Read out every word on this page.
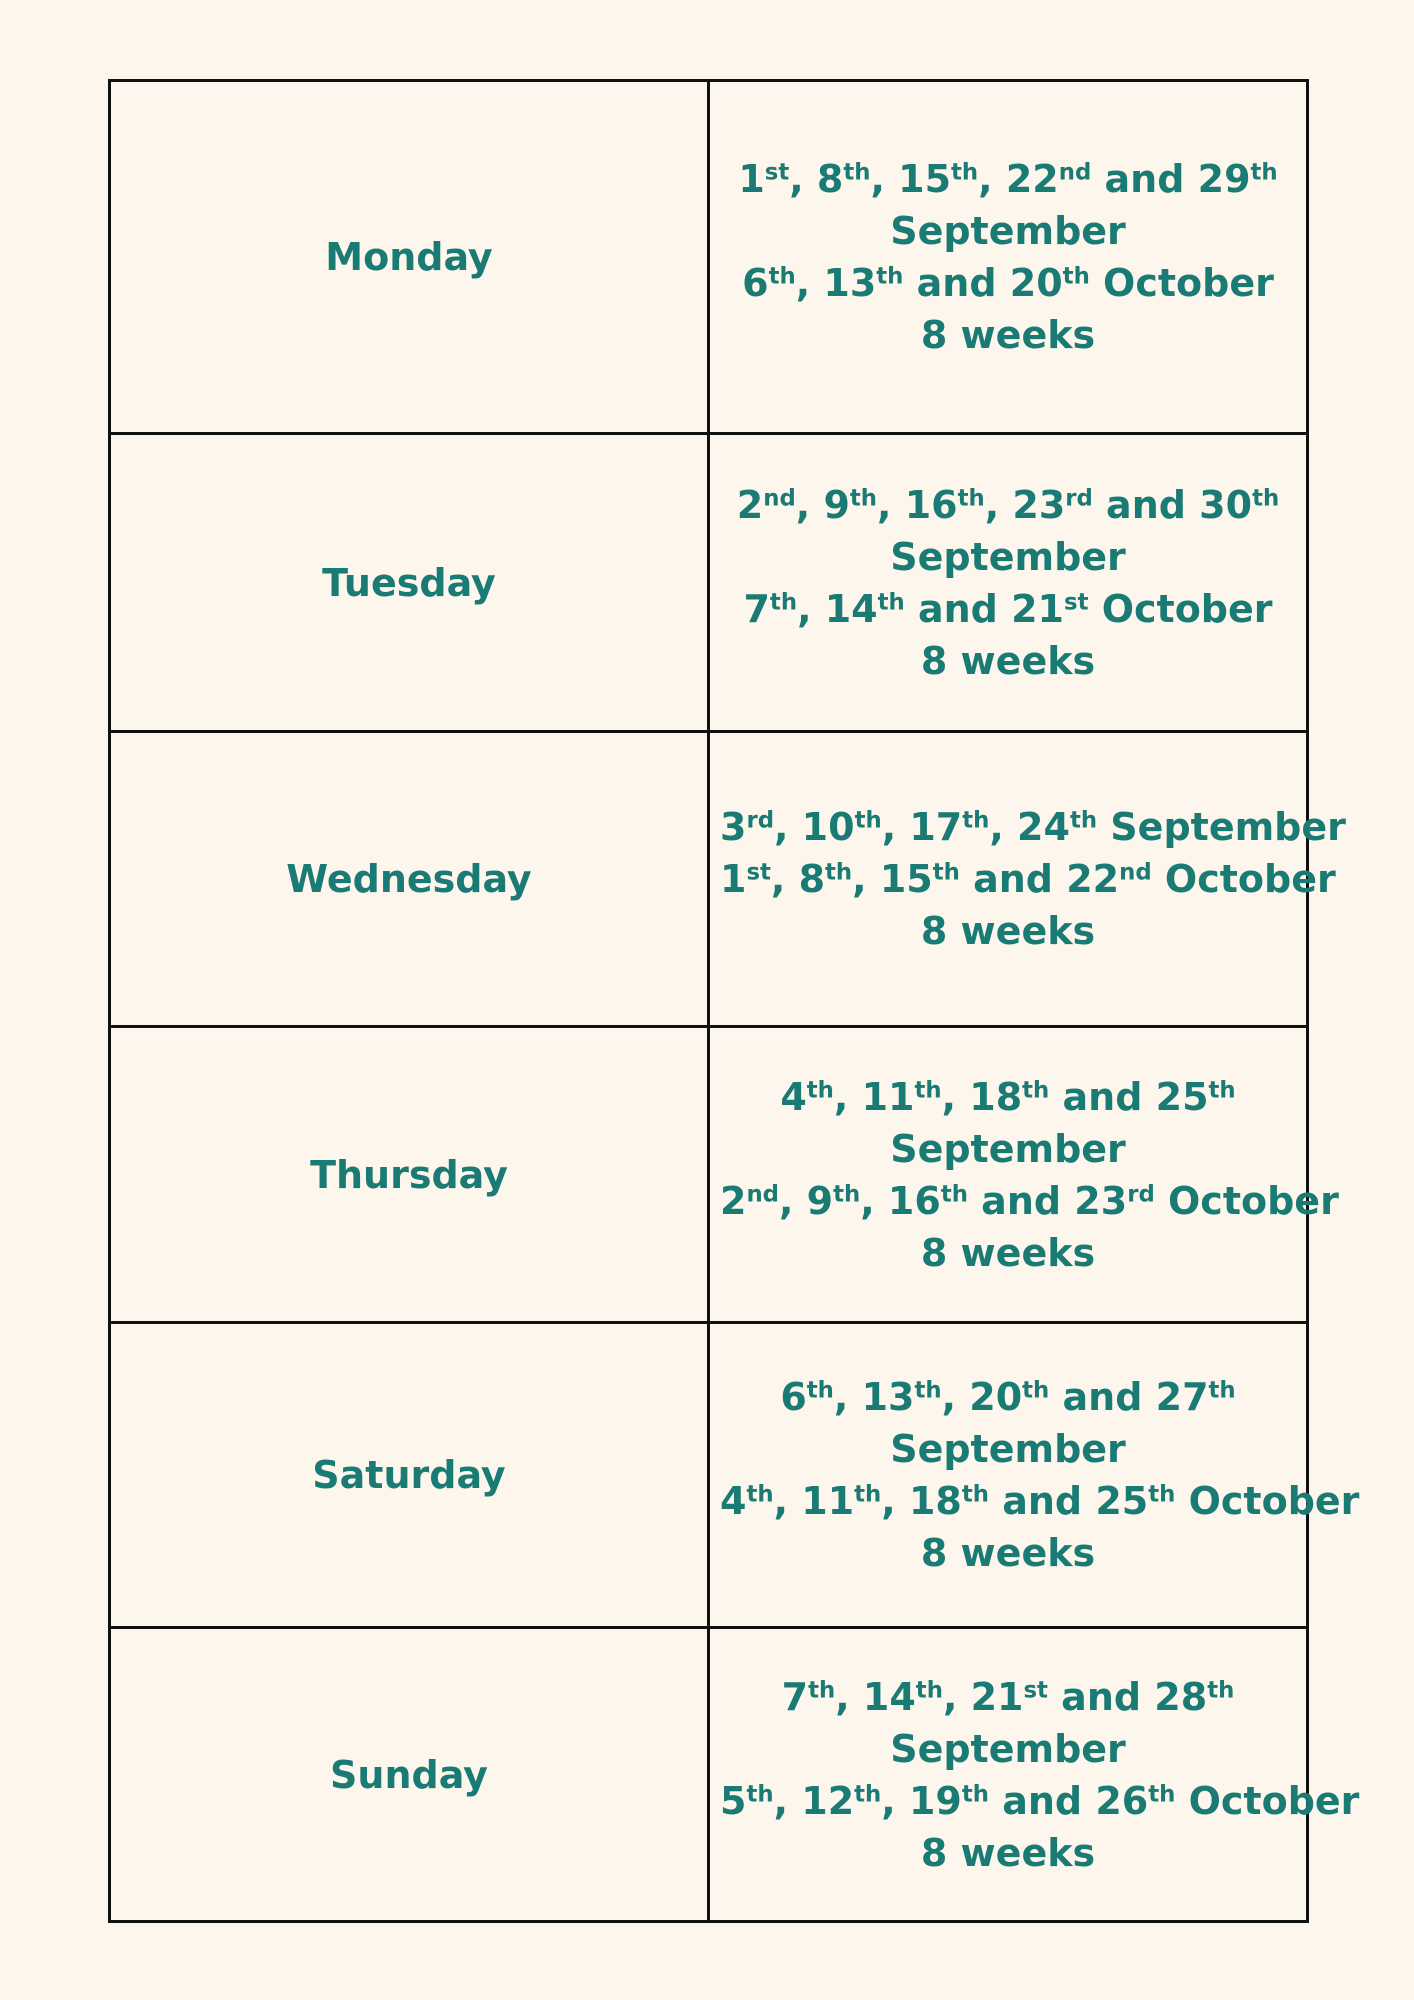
Monday	1st, 8th, 15th, 22nd and 29th
September
6th, 13th and 20th October
8 weeks

Tuesday	2nd, 9th, 16th, 23rd and 30th
September
7th, 14th and 21st October
8 weeks

Wednesday	3rd, 10th, 17th, 24th September
1st, 8th, 15th and 22nd October
8 weeks

Thursday	4th, 11th, 18th and 25th
September
2nd, 9th, 16th and 23rd October
8 weeks

Saturday	6th, 13th, 20th and 27th
September
4th, 11th, 18th and 25th October
8 weeks

Sunday	7th, 14th, 21st and 28th
September
5th, 12th, 19th and 26th October
8 weeks
